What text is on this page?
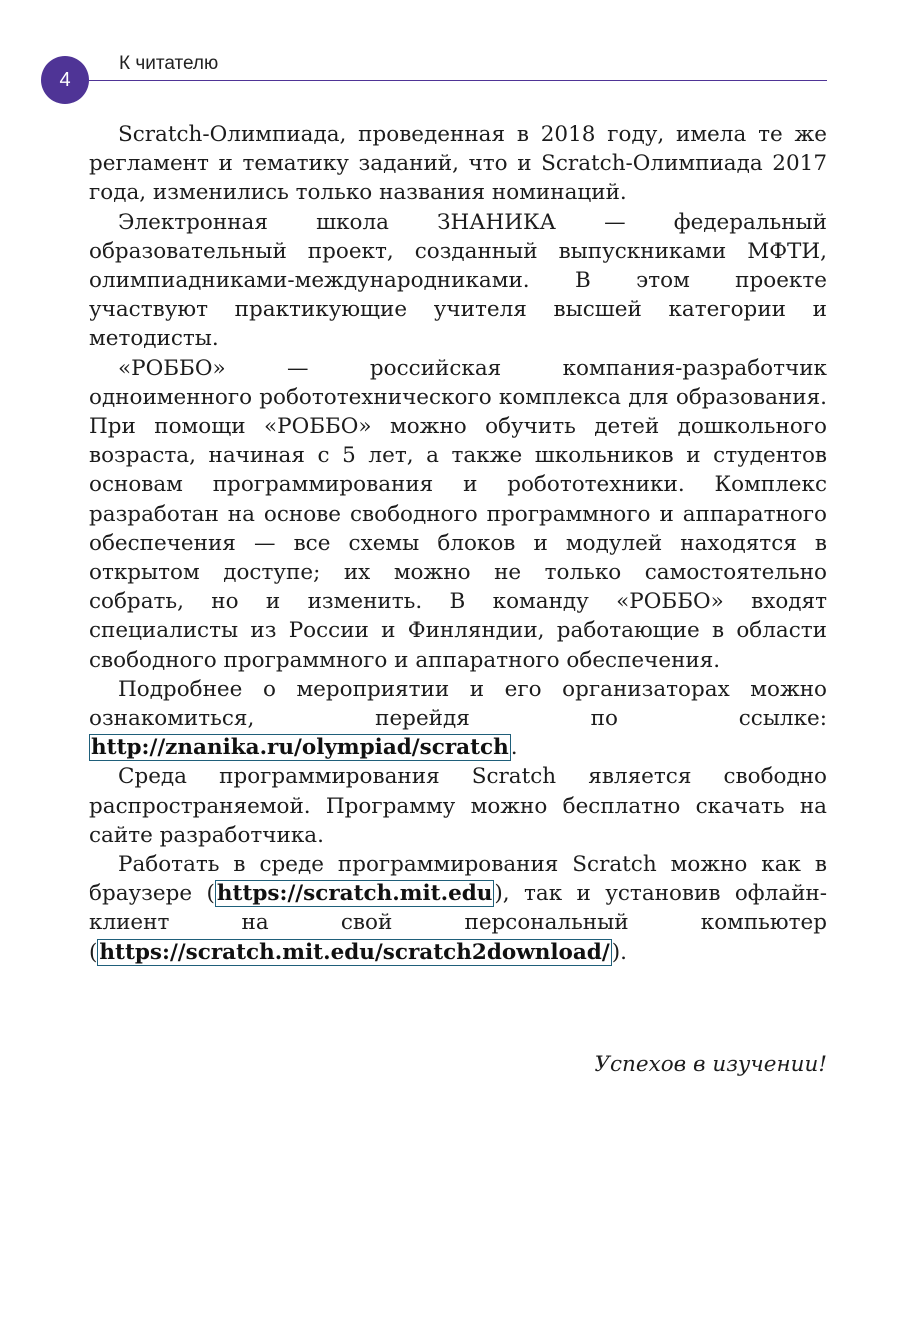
4
К читателю

Scratch-Олимпиада, проведенная в 2018 году, имела те же регламент и тематику заданий, что и Scratch-Олимпиада 2017 года, изменились только названия номинаций.

Электронная школа ЗНАНИКА — федеральный образовательный проект, созданный выпускниками МФТИ, олимпиадниками-международниками. В этом проекте участвуют практикующие учителя высшей категории и методисты.

«РОББО» — российская компания-разработчик одноименного робототехнического комплекса для образования. При помощи «РОББО» можно обучить детей дошкольного возраста, начиная с 5 лет, а также школьников и студентов основам программирования и робототехники. Комплекс разработан на основе свободного программного и аппаратного обеспечения — все схемы блоков и модулей находятся в открытом доступе; их можно не только самостоятельно собрать, но и изменить. В команду «РОББО» входят специалисты из России и Финляндии, работающие в области свободного программного и аппаратного обеспечения.

Подробнее о мероприятии и его организаторах можно ознакомиться, перейдя по ссылке: http://znanika.ru/olympiad/scratch.

Среда программирования Scratch является свободно распространяемой. Программу можно бесплатно скачать на сайте разработчика.

Работать в среде программирования Scratch можно как в браузере (https://scratch.mit.edu), так и установив офлайн-клиент на свой персональный компьютер (https://scratch.mit.edu/scratch2download/).

Успехов в изучении!
